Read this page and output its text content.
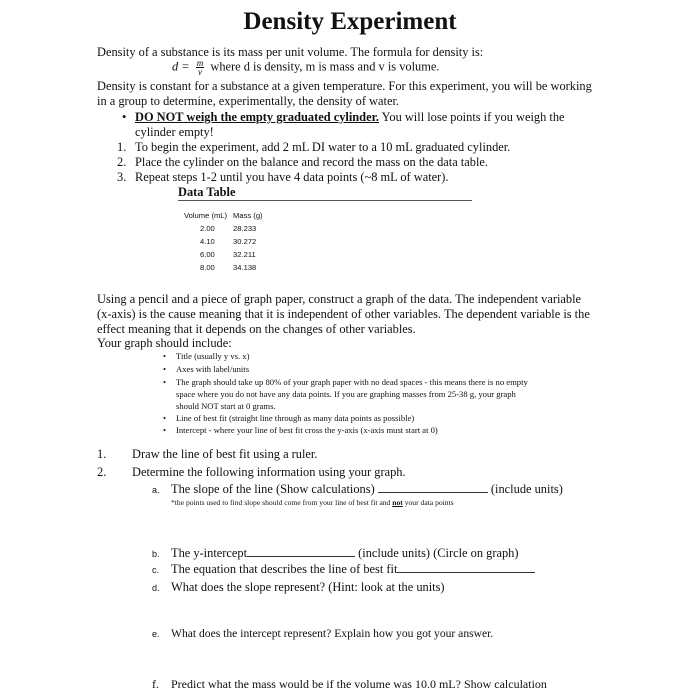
Density Experiment
Density of a substance is its mass per unit volume. The formula for density is:
$d = \frac{m}{v}$ where d is density, m is mass and v is volume.
Density is constant for a substance at a given temperature. For this experiment, you will be working
in a group to determine, experimentally, the density of water.
• DO NOT weigh the empty graduated cylinder. You will lose points if you weigh the
cylinder empty!
1. To begin the experiment, add 2 mL DI water to a 10 mL graduated cylinder.
2. Place the cylinder on the balance and record the mass on the data table.
3. Repeat steps 1-2 until you have 4 data points (~8 mL of water).
Data Table
Volume (mL)	Mass (g)
2.00	28.233
4.10	30.272
6.00	32.211
8.00	34.138
Using a pencil and a piece of graph paper, construct a graph of the data. The independent variable
(x-axis) is the cause meaning that it is independent of other variables. The dependent variable is the
effect meaning that it depends on the changes of other variables.
Your graph should include:
• Title (usually y vs. x)
• Axes with label/units
• The graph should take up 80% of your graph paper with no dead spaces - this means there is no empty
space where you do not have any data points. If you are graphing masses from 25-38 g, your graph
should NOT start at 0 grams.
• Line of best fit (straight line through as many data points as possible)
• Intercept - where your line of best fit cross the y-axis (x-axis must start at 0)
1. Draw the line of best fit using a ruler.
2. Determine the following information using your graph.
a. The slope of the line (Show calculations)	(include units)
*the points used to find slope should come from your line of best fit and not your data points
b. The y-intercept	(include units) (Circle on graph)
c. The equation that describes the line of best fit
d. What does the slope represent? (Hint: look at the units)
e. What does the intercept represent? Explain how you got your answer.
f. Predict what the mass would be if the volume was 10.0 mL? Show calculation
